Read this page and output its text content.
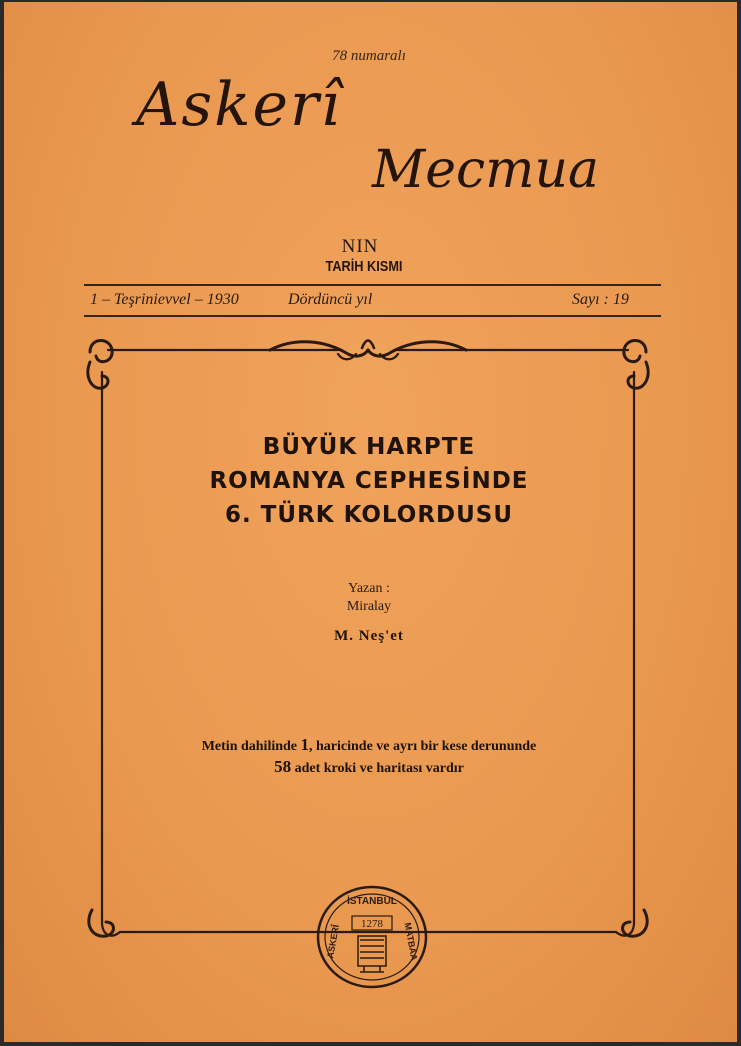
78 numaralı
Askerî
Mecmua
NIN
TARİH KISMI
1 – Teşrinievvel – 1930	Dördüncü yıl	Sayı : 19
BÜYÜK HARPTE
ROMANYA CEPHESİNDE
6. TÜRK KOLORDUSU
Yazan :
Miralay
M. Neş'et
Metin dahilinde 1, haricinde ve ayrı bir kese derununde
58 adet kroki ve haritası vardır
1278
İSTANBUL
ASKERÎ	MATBAA
